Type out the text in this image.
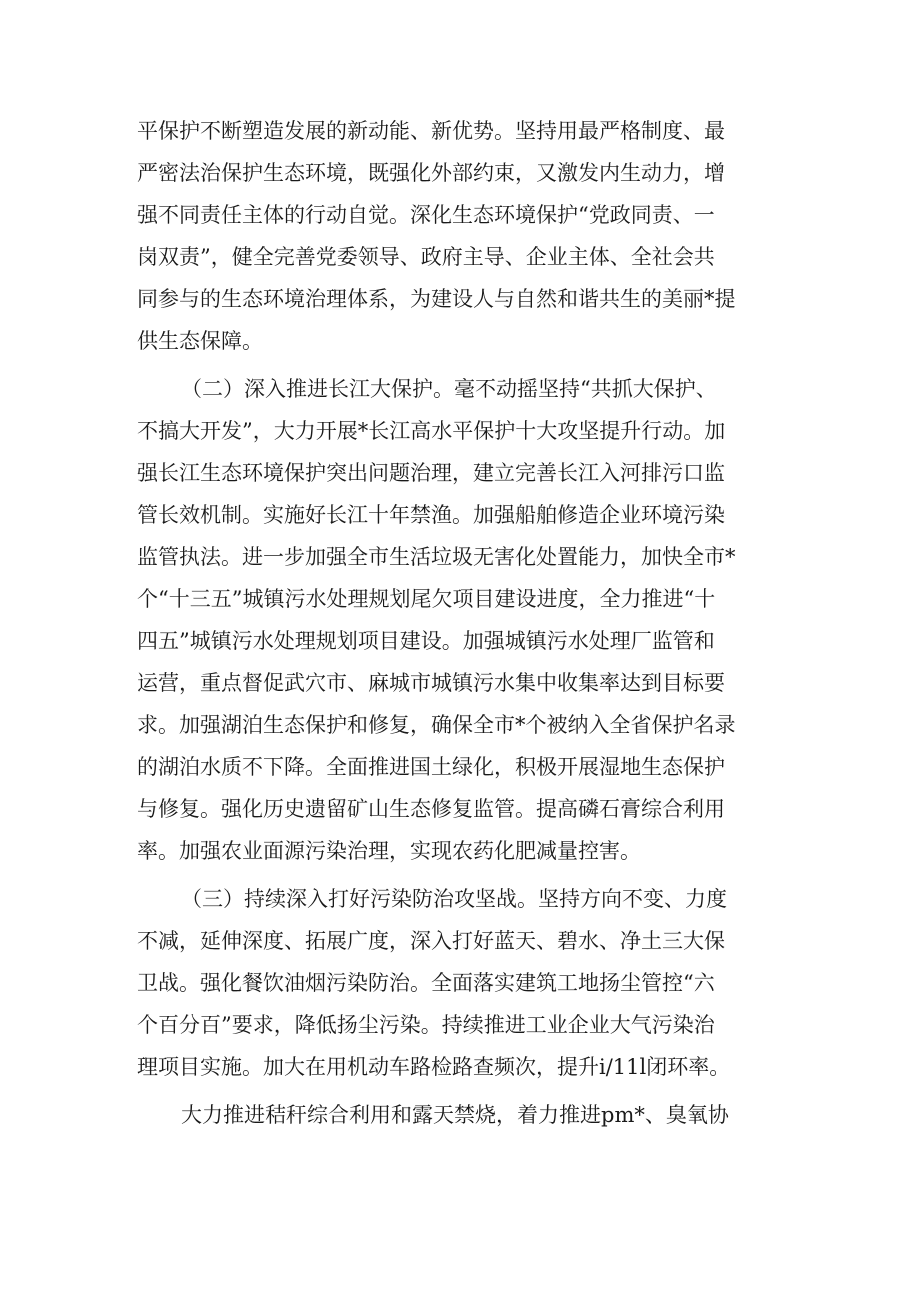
平保护不断塑造发展的新动能、新优势。坚持用最严格制度、最
严密法治保护生态环境，既强化外部约束，又激发内生动力，增
强不同责任主体的行动自觉。深化生态环境保护“党政同责、一
岗双责”，健全完善党委领导、政府主导、企业主体、全社会共
同参与的生态环境治理体系，为建设人与自然和谐共生的美丽*提
供生态保障。
（二）深入推进长江大保护。毫不动摇坚持“共抓大保护、
不搞大开发”，大力开展*长江高水平保护十大攻坚提升行动。加
强长江生态环境保护突出问题治理，建立完善长江入河排污口监
管长效机制。实施好长江十年禁渔。加强船舶修造企业环境污染
监管执法。进一步加强全市生活垃圾无害化处置能力，加快全市*
个“十三五”城镇污水处理规划尾欠项目建设进度，全力推进“十
四五”城镇污水处理规划项目建设。加强城镇污水处理厂监管和
运营，重点督促武穴市、麻城市城镇污水集中收集率达到目标要
求。加强湖泊生态保护和修复，确保全市*个被纳入全省保护名录
的湖泊水质不下降。全面推进国土绿化，积极开展湿地生态保护
与修复。强化历史遗留矿山生态修复监管。提高磷石膏综合利用
率。加强农业面源污染治理，实现农药化肥减量控害。
（三）持续深入打好污染防治攻坚战。坚持方向不变、力度
不减，延伸深度、拓展广度，深入打好蓝天、碧水、净土三大保
卫战。强化餐饮油烟污染防治。全面落实建筑工地扬尘管控“六
个百分百”要求，降低扬尘污染。持续推进工业企业大气污染治
理项目实施。加大在用机动车路检路查频次，提升i/11l闭环率。
大力推进秸秆综合利用和露天禁烧，着力推进pm*、臭氧协
